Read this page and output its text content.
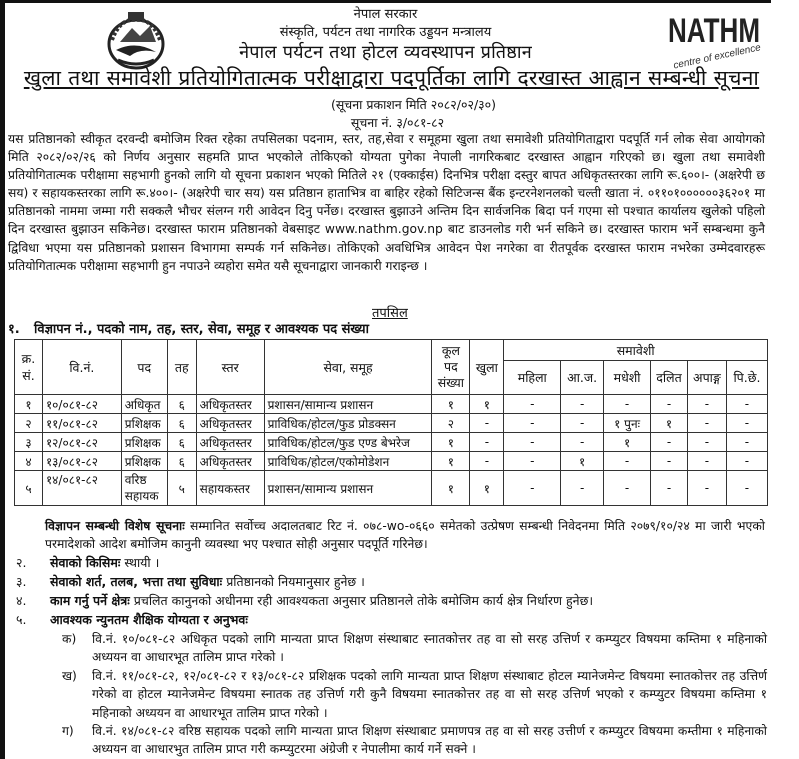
NATHM
centre of excellence
नेपाल सरकार
संस्कृति, पर्यटन तथा नागरिक उड्डयन मन्त्रालय
नेपाल पर्यटन तथा होटल व्यवस्थापन प्रतिष्ठान
खुला तथा समावेशी प्रतियोगितात्मक परीक्षाद्वारा पदपूर्तिका लागि दरखास्त आह्वान सम्बन्धी सूचना
(सूचना प्रकाशन मिति २०८२/०२/३०)
सूचना नं. ३/०८१-८२
यस प्रतिष्ठानको स्वीकृत दरवन्दी बमोजिम रिक्त रहेका तपसिलका पदनाम, स्तर, तह,सेवा र समूहमा खुला तथा समावेशी प्रतियोगिताद्वारा पदपूर्ति गर्न लोक सेवा आयोगको मिति २०८२/०२/२६ को निर्णय अनुसार सहमति प्राप्त भएकोले तोकिएको योग्यता पुगेका नेपाली नागरिकबाट दरखास्त आह्वान गरिएको छ। खुला तथा समावेशी प्रतियोगितात्मक परीक्षामा सहभागी हुनको लागि यो सूचना प्रकाशन भएको मितिले २१ (एक्काईस) दिनभित्र परीक्षा दस्तुर बापत अधिकृतस्तरका लागि रू.६००।- (अक्षरेपी छ सय) र सहायकस्तरका लागि रू.४००।- (अक्षरेपी चार सय) यस प्रतिष्ठान हाताभित्र वा बाहिर रहेको सिटिजन्स बैंक इन्टरनेशनलको चल्ती खाता नं. ०११०१००००००३६२०१ मा प्रतिष्ठानको नाममा जम्मा गरी सक्कलै भौचर संलग्न गरी आवेदन दिनु पर्नेछ। दरखास्त बुझाउने अन्तिम दिन सार्वजनिक बिदा पर्न गएमा सो पश्चात कार्यालय खुलेको पहिलो दिन दरखास्त बुझाउन सकिनेछ। दरखास्त फाराम प्रतिष्ठानको वेबसाइट www.nathm.gov.np बाट डाउनलोड गरी भर्न सकिने छ। दरखास्त फाराम भर्ने सम्बन्धमा कुनै द्विविधा भएमा यस प्रतिष्ठानको प्रशासन विभागमा सम्पर्क गर्न सकिनेछ। तोकिएको अवधिभित्र आवेदन पेश नगरेका वा रीतपूर्वक दरखास्त फाराम नभरेका उम्मेदवारहरू प्रतियोगितात्मक परीक्षामा सहभागी हुन नपाउने व्यहोरा समेत यसै सूचनाद्वारा जानकारी गराइन्छ ।
तपसिल
१. विज्ञापन नं., पदको नाम, तह, स्तर, सेवा, समूह र आवश्यक पद संख्या
क्र. सं.	वि.नं.	पद	तह	स्तर	सेवा, समूह	कूल पद संख्या	खुला	समावेशी					
								महिला	आ.ज.	मधेशी	दलित	अपाङ्ग	पि.छे.
१	१०/०८१-८२	अधिकृत	६	अधिकृतस्तर	प्रशासन/सामान्य प्रशासन	१	१	-	-	-	-	-	-
२	११/०८१-८२	प्रशिक्षक	६	अधिकृतस्तर	प्राविधिक/होटल/फुड प्रोडक्सन	२	-	-	-	१ पुनः	१	-	-
३	१२/०८१-८२	प्रशिक्षक	६	अधिकृतस्तर	प्राविधिक/होटल/फुड एण्ड बेभरेज	१	-	-	-	१	-	-	-
४	१३/०८१-८२	प्रशिक्षक	६	अधिकृतस्तर	प्राविधिक/होटल/एकोमोडेशन	१	-	-	१	-	-	-	-
५	१४/०८१-८२	वरिष्ठ सहायक	५	सहायकस्तर	प्रशासन/सामान्य प्रशासन	१	१	-	-	-	-	-	-
विज्ञापन सम्बन्धी विशेष सूचनाः सम्मानित सर्वोच्च अदालतबाट रिट नं. ०७८-wo-०६६० समेतको उत्प्रेषण सम्बन्धी निवेदनमा मिति २०७९/१०/२४ मा जारी भएको परमादेशको आदेश बमोजिम कानुनी व्यवस्था भए पश्चात सोही अनुसार पदपूर्ति गरिनेछ।
२. सेवाको किसिमः स्थायी ।
३. सेवाको शर्त, तलब, भत्ता तथा सुविधाः प्रतिष्ठानको नियमानुसार हुनेछ ।
४. काम गर्नु पर्ने क्षेत्रः प्रचलित कानुनको अधीनमा रही आवश्यकता अनुसार प्रतिष्ठानले तोके बमोजिम कार्य क्षेत्र निर्धारण हुनेछ।
५. आवश्यक न्युनतम शैक्षिक योग्यता र अनुभवः
क) वि.नं. १०/०८१-८२ अधिकृत पदको लागि मान्यता प्राप्त शिक्षण संस्थाबाट स्नातकोत्तर तह वा सो सरह उत्तिर्ण र कम्प्युटर विषयमा कम्तिमा १ महिनाको अध्ययन वा आधारभूत तालिम प्राप्त गरेको ।
ख) वि.नं. ११/०८१-८२, १२/०८१-८२ र १३/०८१-८२ प्रशिक्षक पदको लागि मान्यता प्राप्त शिक्षण संस्थाबाट होटल म्यानेजमेन्ट विषयमा स्नातकोत्तर तह उत्तिर्ण गरेको वा होटल म्यानेजमेन्ट विषयमा स्नातक तह उत्तिर्ण गरी कुनै विषयमा स्नातकोत्तर तह वा सो सरह उत्तिर्ण भएको र कम्प्युटर विषयमा कम्तिमा १ महिनाको अध्ययन वा आधारभूत तालिम प्राप्त गरेको ।
ग) वि.नं. १४/०८१-८२ वरिष्ठ सहायक पदको लागि मान्यता प्राप्त शिक्षण संस्थाबाट प्रमाणपत्र तह वा सो सरह उत्तीर्ण र कम्प्युटर विषयमा कम्तीमा १ महिनाको अध्ययन वा आधारभुत तालिम प्राप्त गरी कम्प्युटरमा अंग्रेजी र नेपालीमा कार्य गर्ने सक्ने ।
